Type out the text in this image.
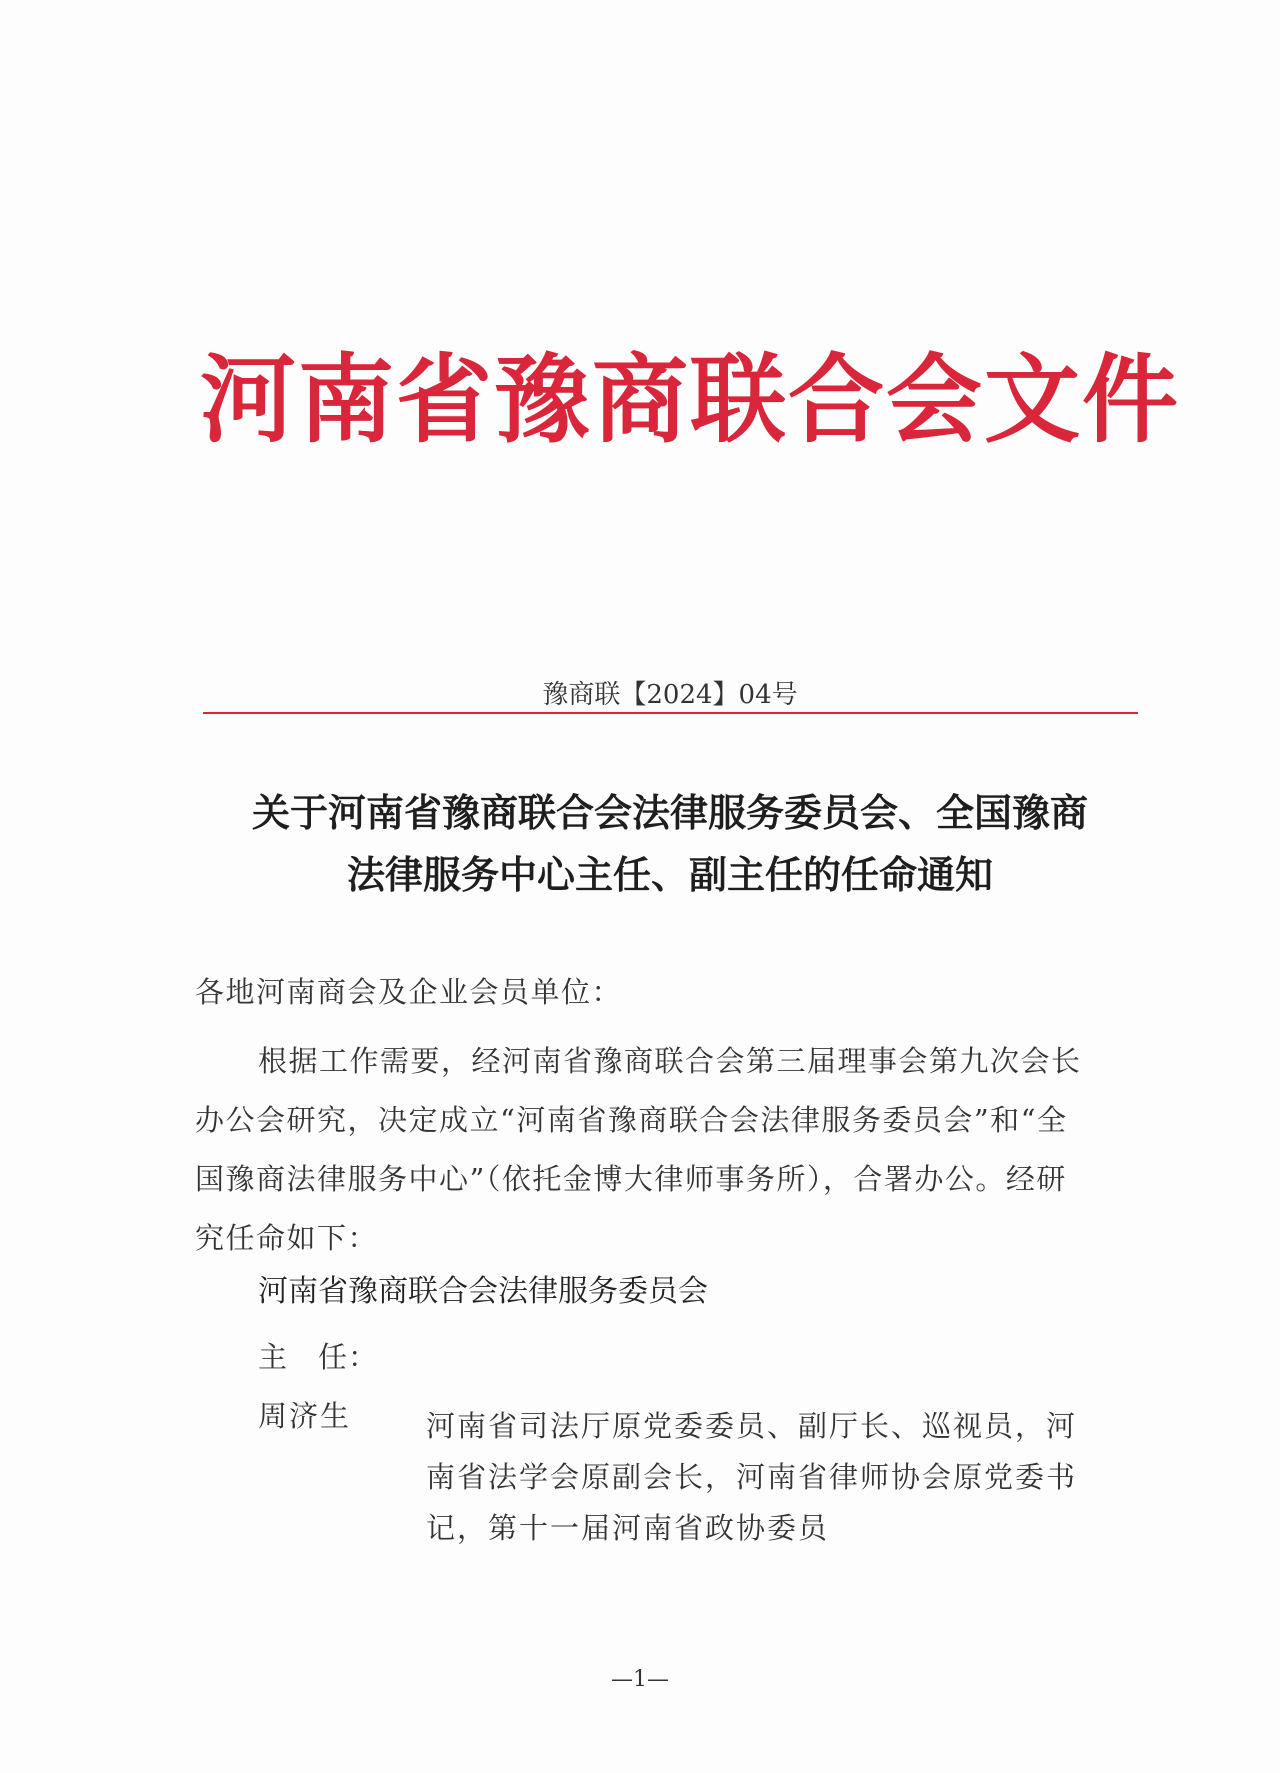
河南省豫商联合会文件
豫商联【2024】04号
关于河南省豫商联合会法律服务委员会、全国豫商
法律服务中心主任、副主任的任命通知
各地河南商会及企业会员单位：
根据工作需要，经河南省豫商联合会第三届理事会第九次会长
办公会研究，决定成立“河南省豫商联合会法律服务委员会”和“全
国豫商法律服务中心”（依托金博大律师事务所），合署办公。经研
究任命如下：
河南省豫商联合会法律服务委员会
主　任：
周济生	河南省司法厅原党委委员、副厅长、巡视员，河
南省法学会原副会长，河南省律师协会原党委书
记，第十一届河南省政协委员
—1—
